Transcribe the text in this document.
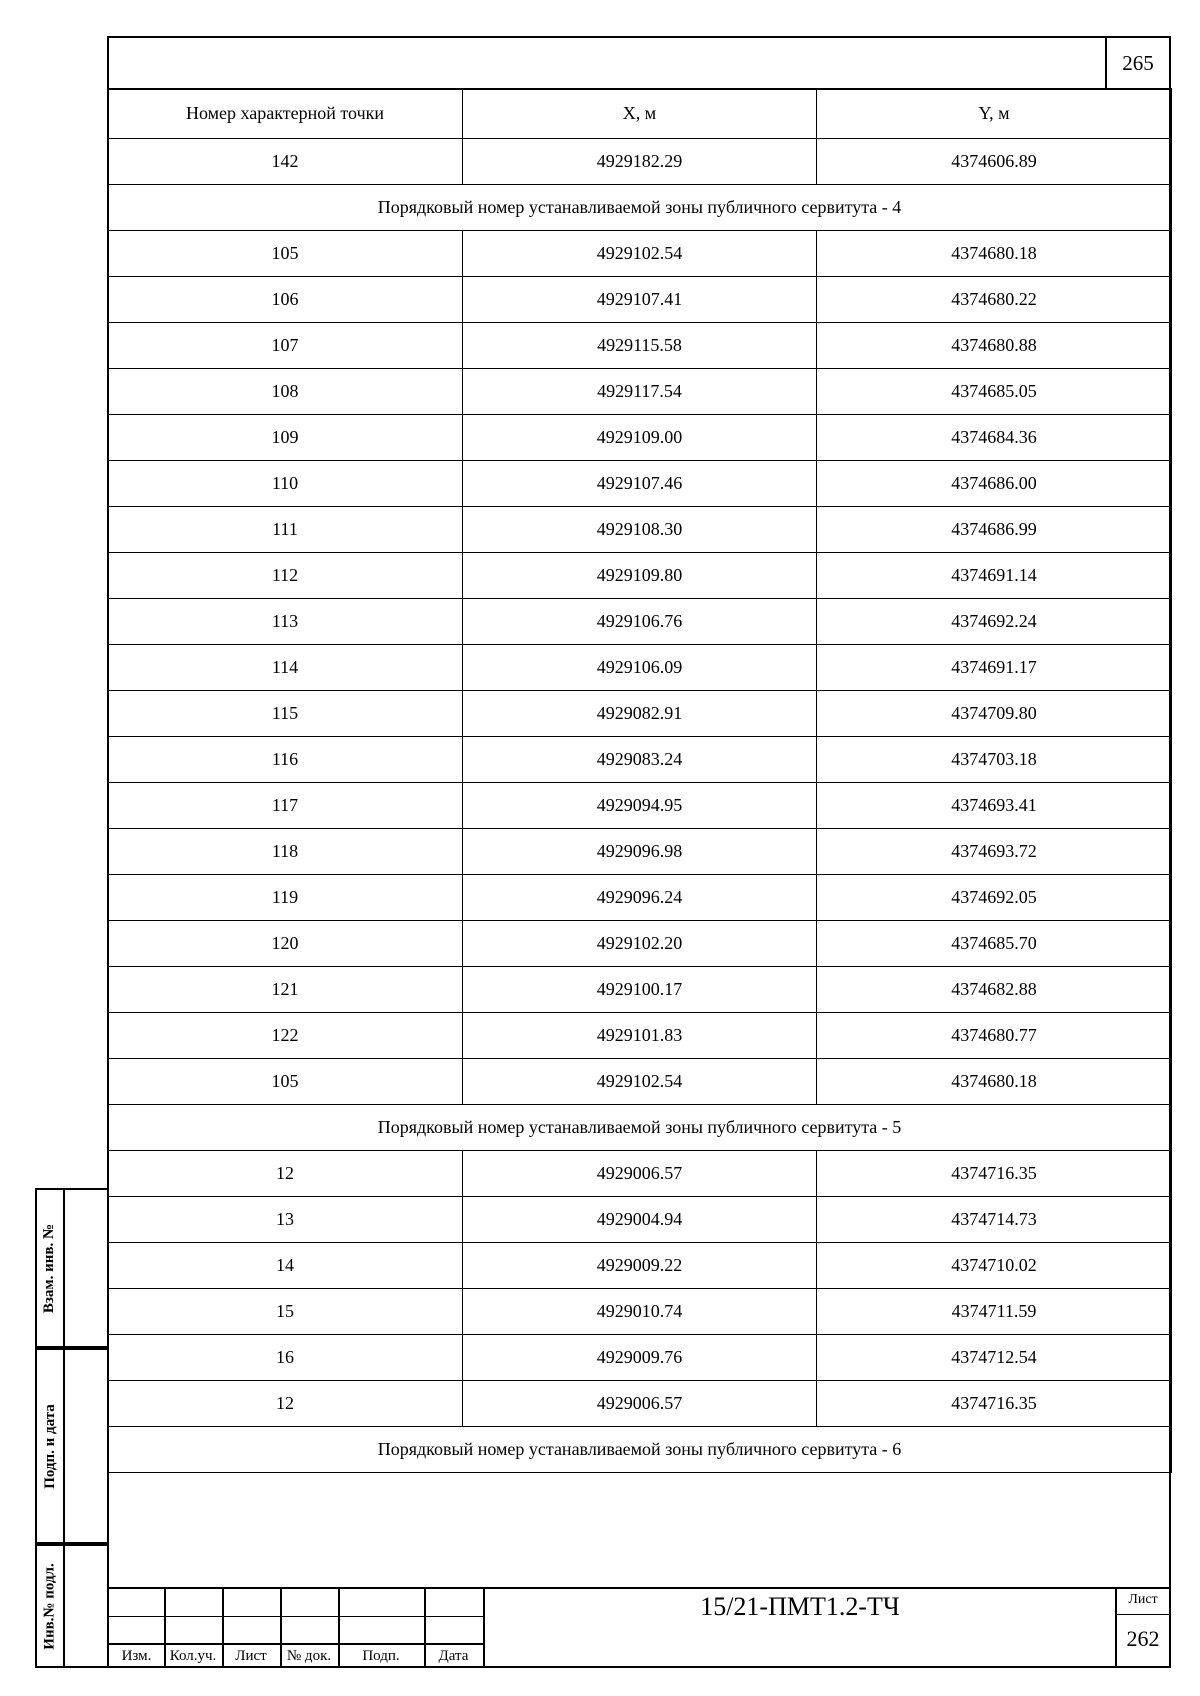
265
Номер характерной точки	X, м	Y, м
142	4929182.29	4374606.89
Порядковый номер устанавливаемой зоны публичного сервитута - 4		
105	4929102.54	4374680.18
106	4929107.41	4374680.22
107	4929115.58	4374680.88
108	4929117.54	4374685.05
109	4929109.00	4374684.36
110	4929107.46	4374686.00
111	4929108.30	4374686.99
112	4929109.80	4374691.14
113	4929106.76	4374692.24
114	4929106.09	4374691.17
115	4929082.91	4374709.80
116	4929083.24	4374703.18
117	4929094.95	4374693.41
118	4929096.98	4374693.72
119	4929096.24	4374692.05
120	4929102.20	4374685.70
121	4929100.17	4374682.88
122	4929101.83	4374680.77
105	4929102.54	4374680.18
Порядковый номер устанавливаемой зоны публичного сервитута - 5		
12	4929006.57	4374716.35
13	4929004.94	4374714.73
14	4929009.22	4374710.02
15	4929010.74	4374711.59
16	4929009.76	4374712.54
12	4929006.57	4374716.35
Порядковый номер устанавливаемой зоны публичного сервитута - 6		
Взам. инв. №
Подп. и дата
Инв.№ подл.
Изм.	Кол.уч.	Лист	№ док.	Подп.	Дата
15/21-ПМТ1.2-ТЧ	Лист
262
